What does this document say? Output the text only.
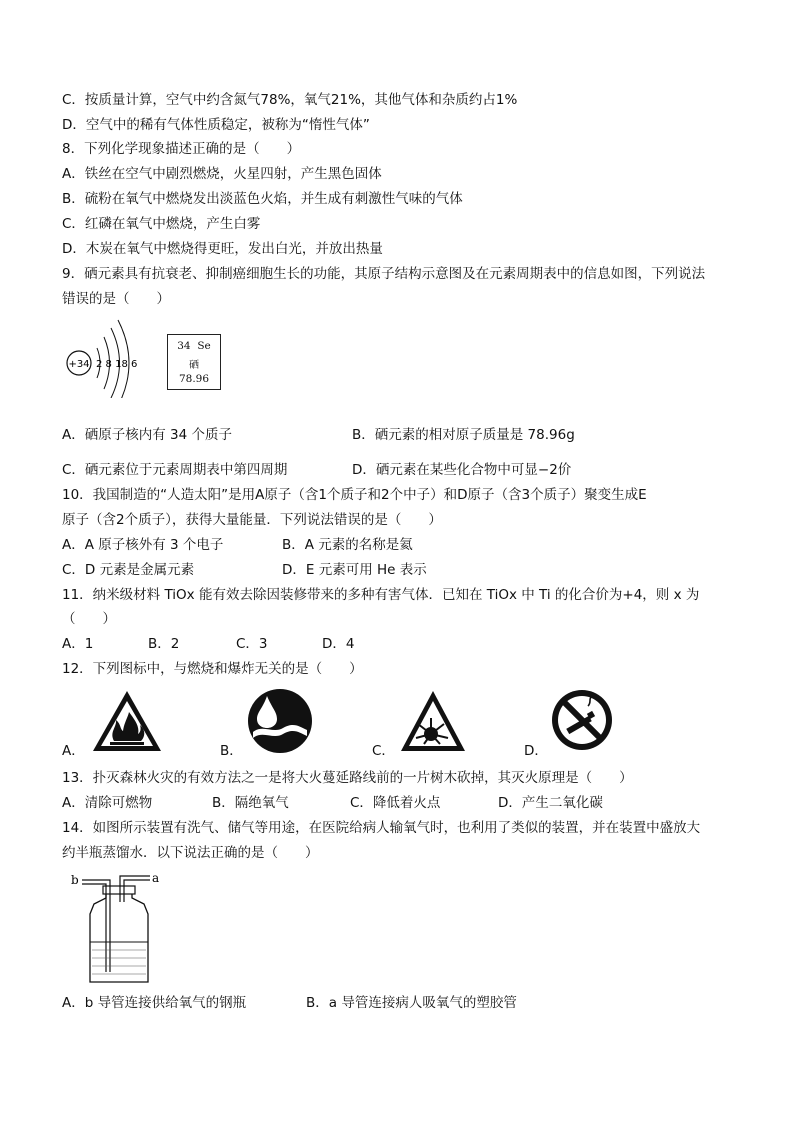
C．按质量计算，空气中约含氮气78%，氧气21%，其他气体和杂质约占1%
D．空气中的稀有气体性质稳定，被称为“惰性气体”
8．下列化学现象描述正确的是（　　）
A．铁丝在空气中剧烈燃烧，火星四射，产生黑色固体
B．硫粉在氧气中燃烧发出淡蓝色火焰，并生成有刺激性气味的气体
C．红磷在氧气中燃烧，产生白雾
D．木炭在氧气中燃烧得更旺，发出白光，并放出热量
9．硒元素具有抗衰老、抑制癌细胞生长的功能，其原子结构示意图及在元素周期表中的信息如图，下列说法
错误的是（　　）
+34 2 8 18 6
34 Se
硒
78.96
A．硒原子核内有 34 个质子	B．硒元素的相对原子质量是 78.96g
C．硒元素位于元素周期表中第四周期	D．硒元素在某些化合物中可显−2价
10．我国制造的“人造太阳”是用A原子（含1个质子和2个中子）和D原子（含3个质子）聚变生成E
原子（含2个质子），获得大量能量．下列说法错误的是（　　）
A．A 原子核外有 3 个电子	B．A 元素的名称是氦
C．D 元素是金属元素	D．E 元素可用 He 表示
11．纳米级材料 TiOx 能有效去除因装修带来的多种有害气体．已知在 TiOx 中 Ti 的化合价为+4，则 x 为
（　　）
A．1	B．2	C．3	D．4
12．下列图标中，与燃烧和爆炸无关的是（　　）
A．	B．	C．	D．
13．扑灭森林火灾的有效方法之一是将大火蔓延路线前的一片树木砍掉，其灭火原理是（　　）
A．清除可燃物	B．隔绝氧气	C．降低着火点	D．产生二氧化碳
14．如图所示装置有洗气、储气等用途，在医院给病人输氧气时，也利用了类似的装置，并在装置中盛放大
约半瓶蒸馏水．以下说法正确的是（　　）
b	a
A．b 导管连接供给氧气的钢瓶	B．a 导管连接病人吸氧气的塑胶管
